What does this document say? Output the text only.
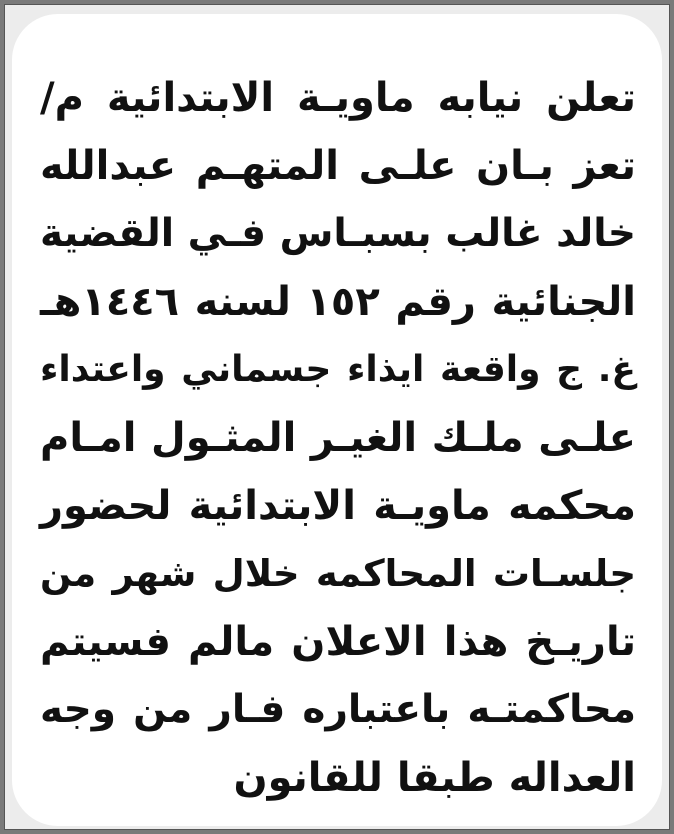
تعلن نيابه ماويـة الابتدائية م/
تعز بـان علـى المتهـم عبدالله
خالد غالب بسبـاس فـي القضية
الجنائية رقم ١٥٢ لسنه ١٤٤٦هـ
غ. ج واقعة ايذاء جسماني واعتداء
علـى ملـك الغيـر المثـول امـام
محكمه ماويـة الابتدائية لحضور
جلسـات المحاكمه خلال شهر من
تاريـخ هذا الاعلان مالم فسيتم
محاكمتـه باعتباره فـار من وجه
العداله طبقا للقانون
